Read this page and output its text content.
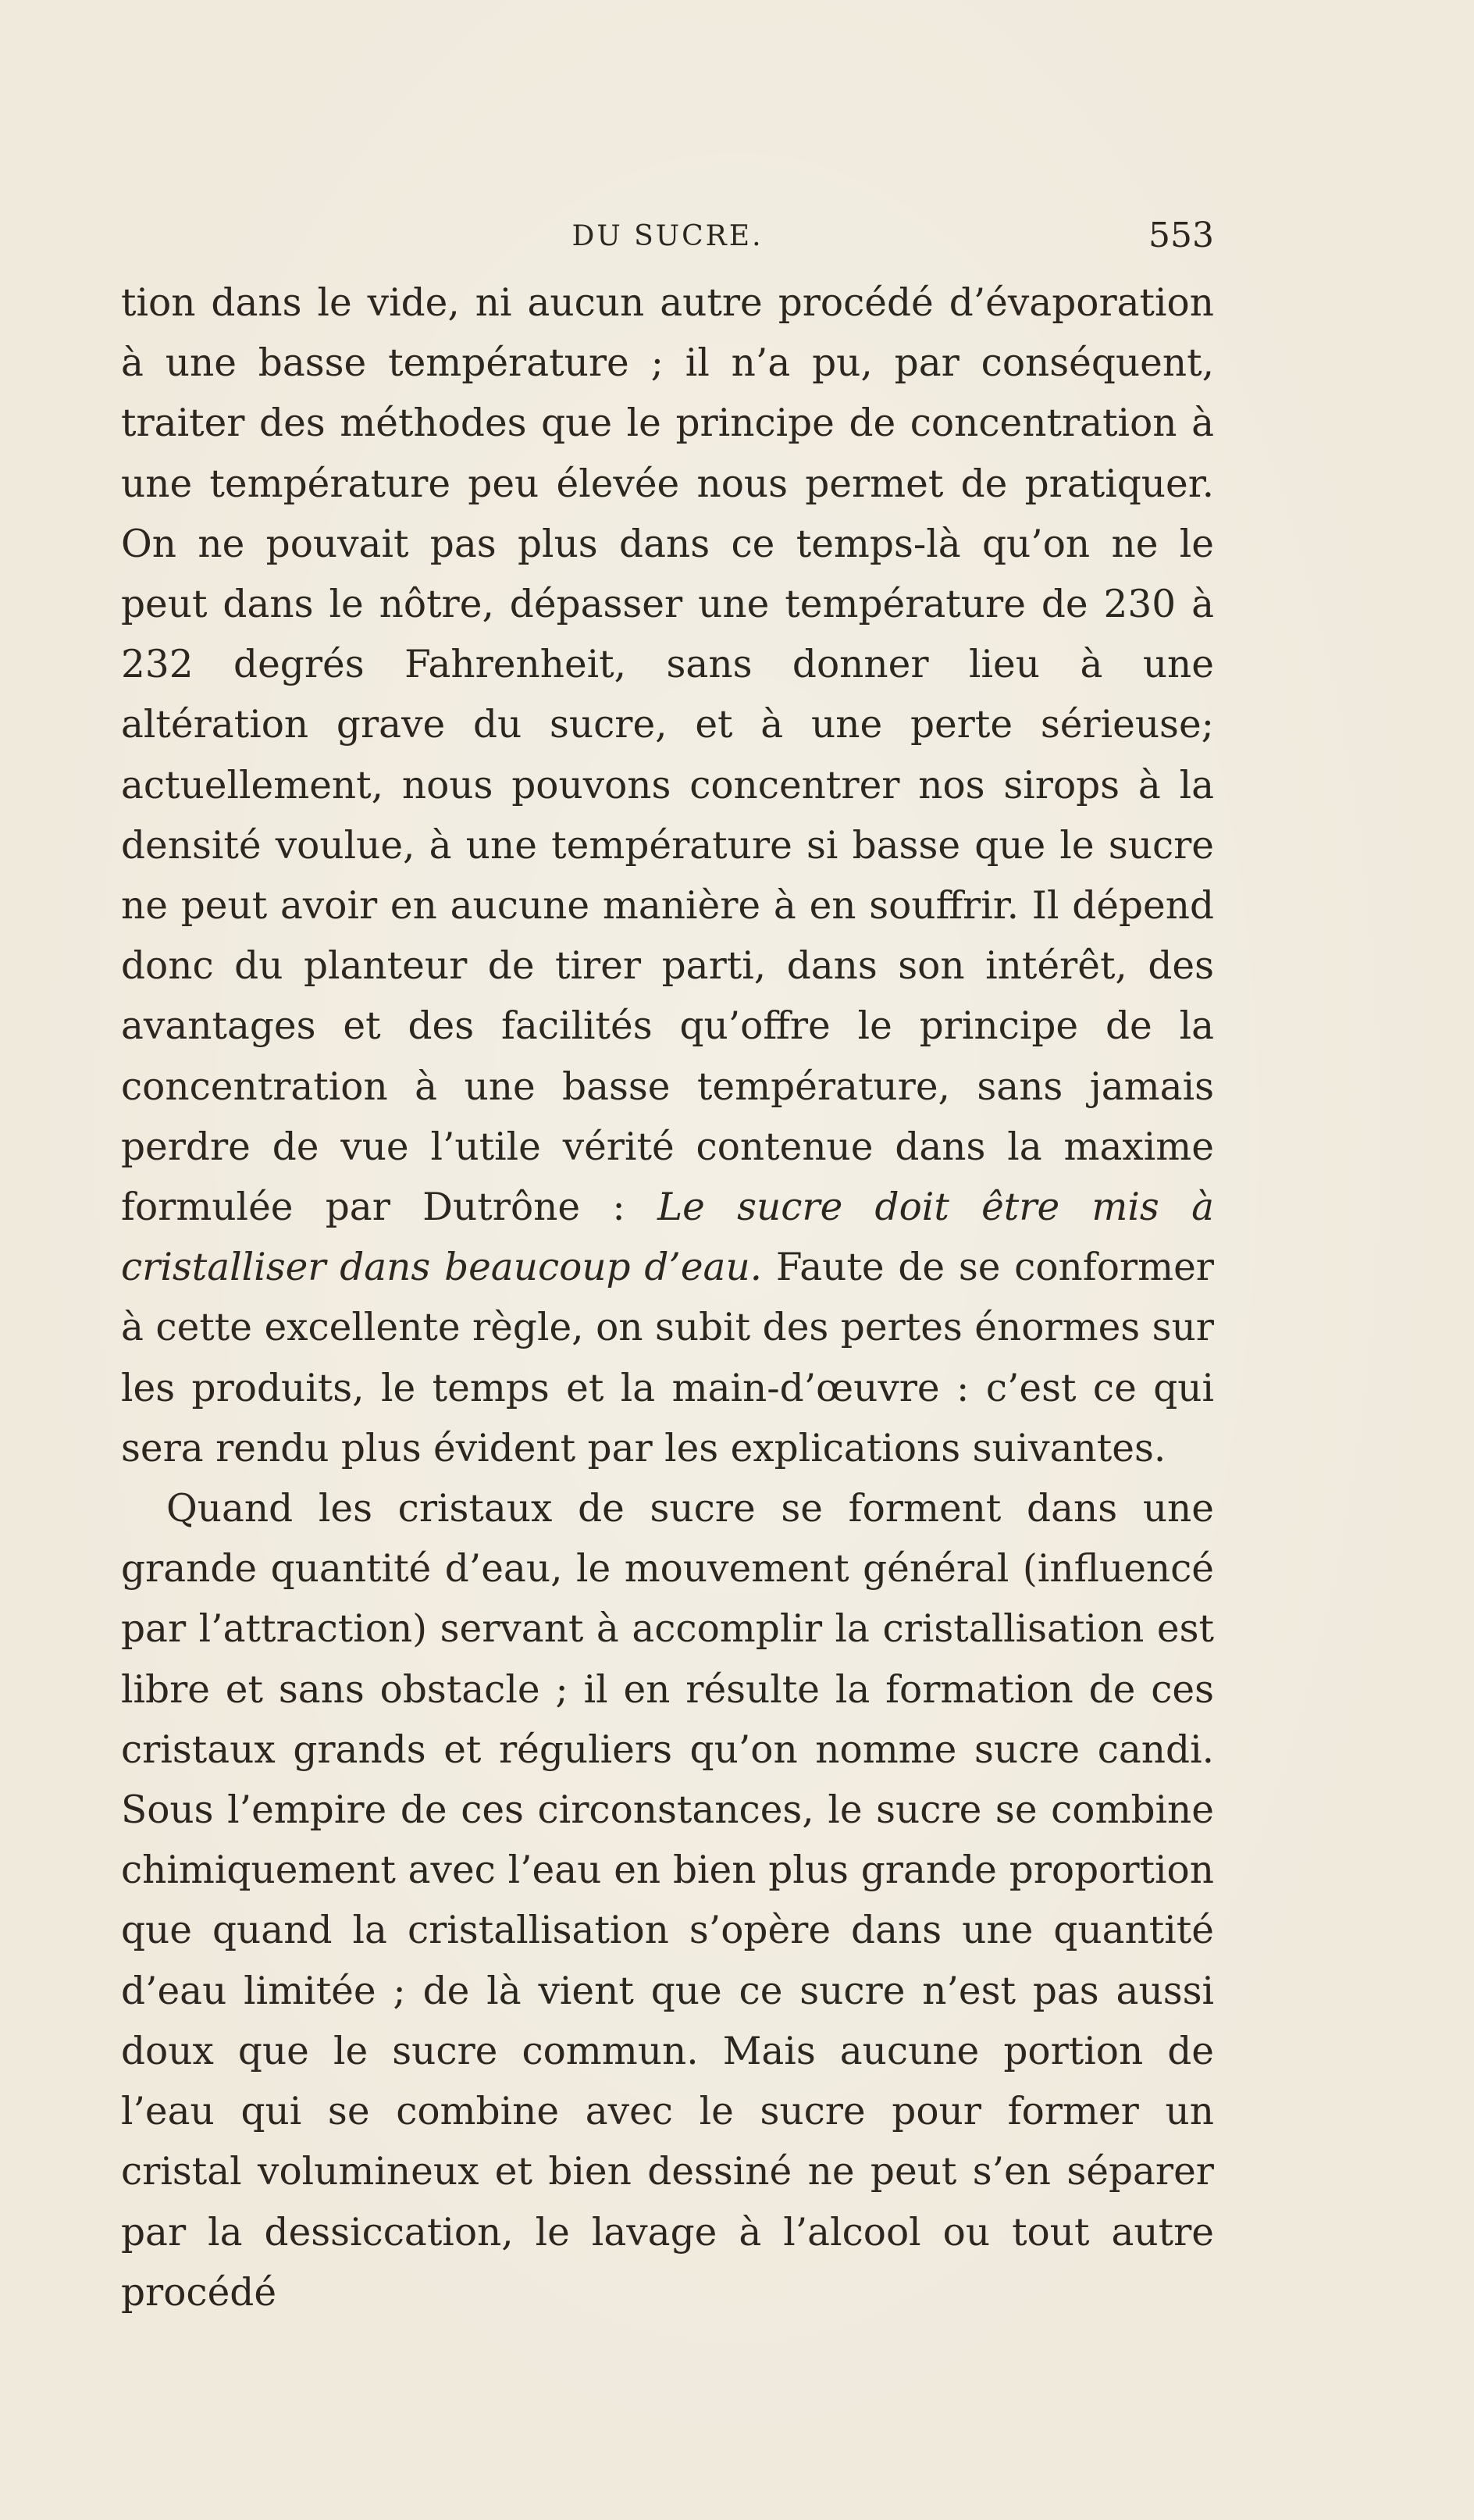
DU SUCRE.	553

tion dans le vide, ni aucun autre procédé d’évaporation à une basse température ; il n’a pu, par conséquent, traiter des méthodes que le principe de concentration à une température peu élevée nous permet de pratiquer. On ne pouvait pas plus dans ce temps-là qu’on ne le peut dans le nôtre, dépasser une température de 230 à 232 degrés Fahrenheit, sans donner lieu à une altération grave du sucre, et à une perte sérieuse; actuellement, nous pouvons concentrer nos sirops à la densité voulue, à une température si basse que le sucre ne peut avoir en aucune manière à en souffrir. Il dépend donc du planteur de tirer parti, dans son intérêt, des avantages et des facilités qu’offre le principe de la concentration à une basse température, sans jamais perdre de vue l’utile vérité contenue dans la maxime formulée par Dutrône : Le sucre doit être mis à cristalliser dans beaucoup d’eau. Faute de se conformer à cette excellente règle, on subit des pertes énormes sur les produits, le temps et la main-d’œuvre : c’est ce qui sera rendu plus évident par les explications suivantes.

Quand les cristaux de sucre se forment dans une grande quantité d’eau, le mouvement général (influencé par l’attraction) servant à accomplir la cristallisation est libre et sans obstacle ; il en résulte la formation de ces cristaux grands et réguliers qu’on nomme sucre candi. Sous l’empire de ces circonstances, le sucre se combine chimiquement avec l’eau en bien plus grande proportion que quand la cristallisation s’opère dans une quantité d’eau limitée ; de là vient que ce sucre n’est pas aussi doux que le sucre commun. Mais aucune portion de l’eau qui se combine avec le sucre pour former un cristal volumineux et bien dessiné ne peut s’en séparer par la dessiccation, le lavage à l’alcool ou tout autre procédé
